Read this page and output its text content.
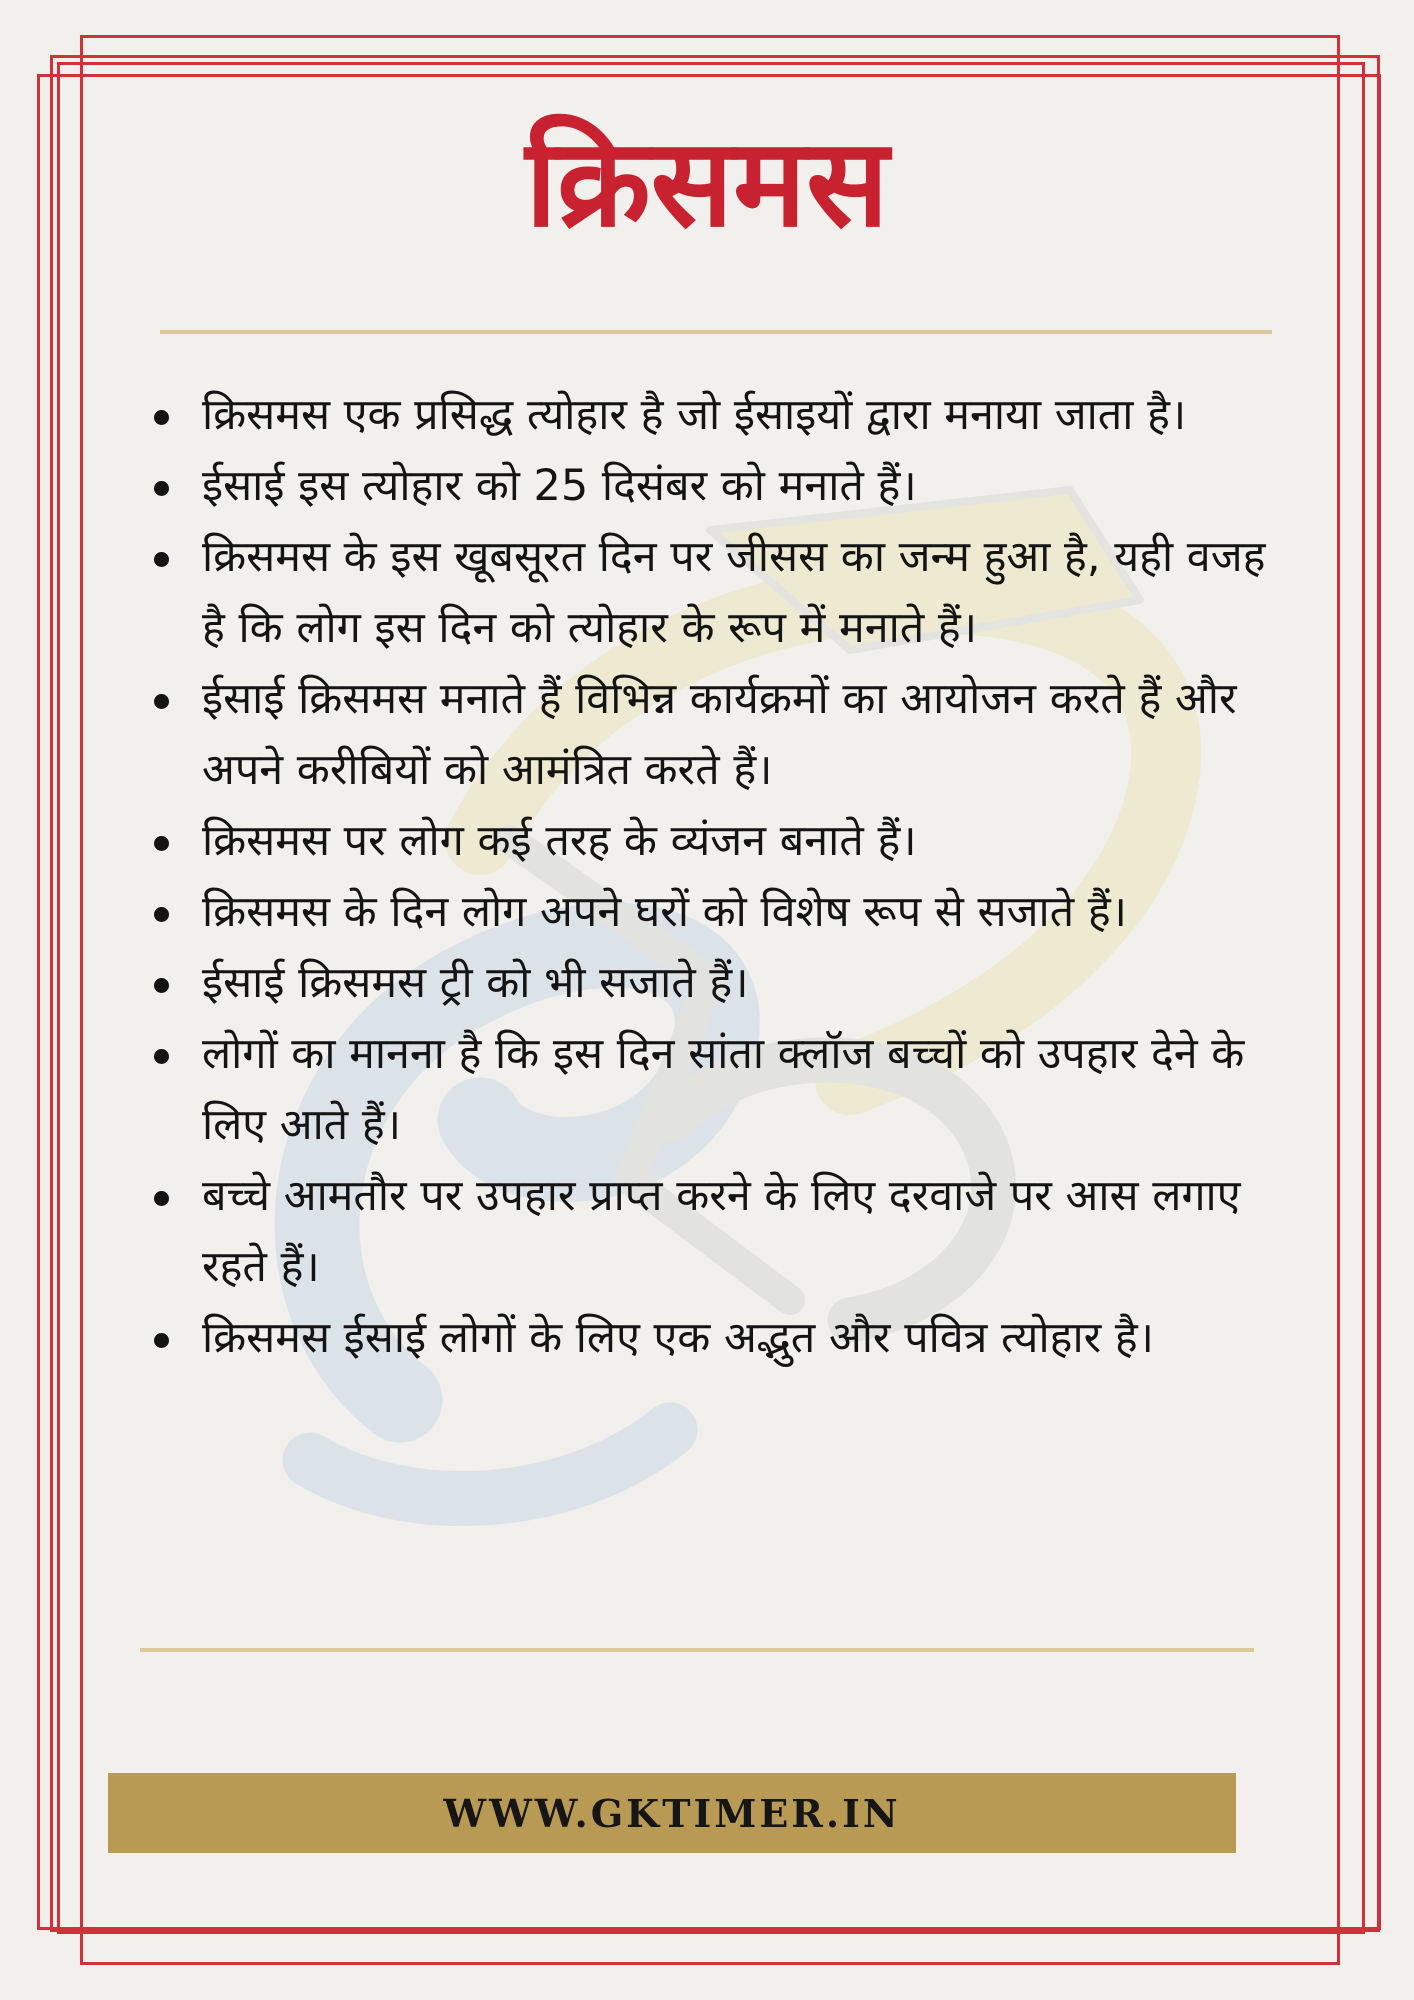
क्रिसमस
क्रिसमस एक प्रसिद्ध त्योहार है जो ईसाइयों द्वारा मनाया जाता है।
ईसाई इस त्योहार को 25 दिसंबर को मनाते हैं।
क्रिसमस के इस खूबसूरत दिन पर जीसस का जन्म हुआ है, यही वजह है कि लोग इस दिन को त्योहार के रूप में मनाते हैं।
ईसाई क्रिसमस मनाते हैं विभिन्न कार्यक्रमों का आयोजन करते हैं और अपने करीबियों को आमंत्रित करते हैं।
क्रिसमस पर लोग कई तरह के व्यंजन बनाते हैं।
क्रिसमस के दिन लोग अपने घरों को विशेष रूप से सजाते हैं।
ईसाई क्रिसमस ट्री को भी सजाते हैं।
लोगों का मानना है कि इस दिन सांता क्लॉज बच्चों को उपहार देने के लिए आते हैं।
बच्चे आमतौर पर उपहार प्राप्त करने के लिए दरवाजे पर आस लगाए रहते हैं।
क्रिसमस ईसाई लोगों के लिए एक अद्भुत और पवित्र त्योहार है।
WWW.GKTIMER.IN
